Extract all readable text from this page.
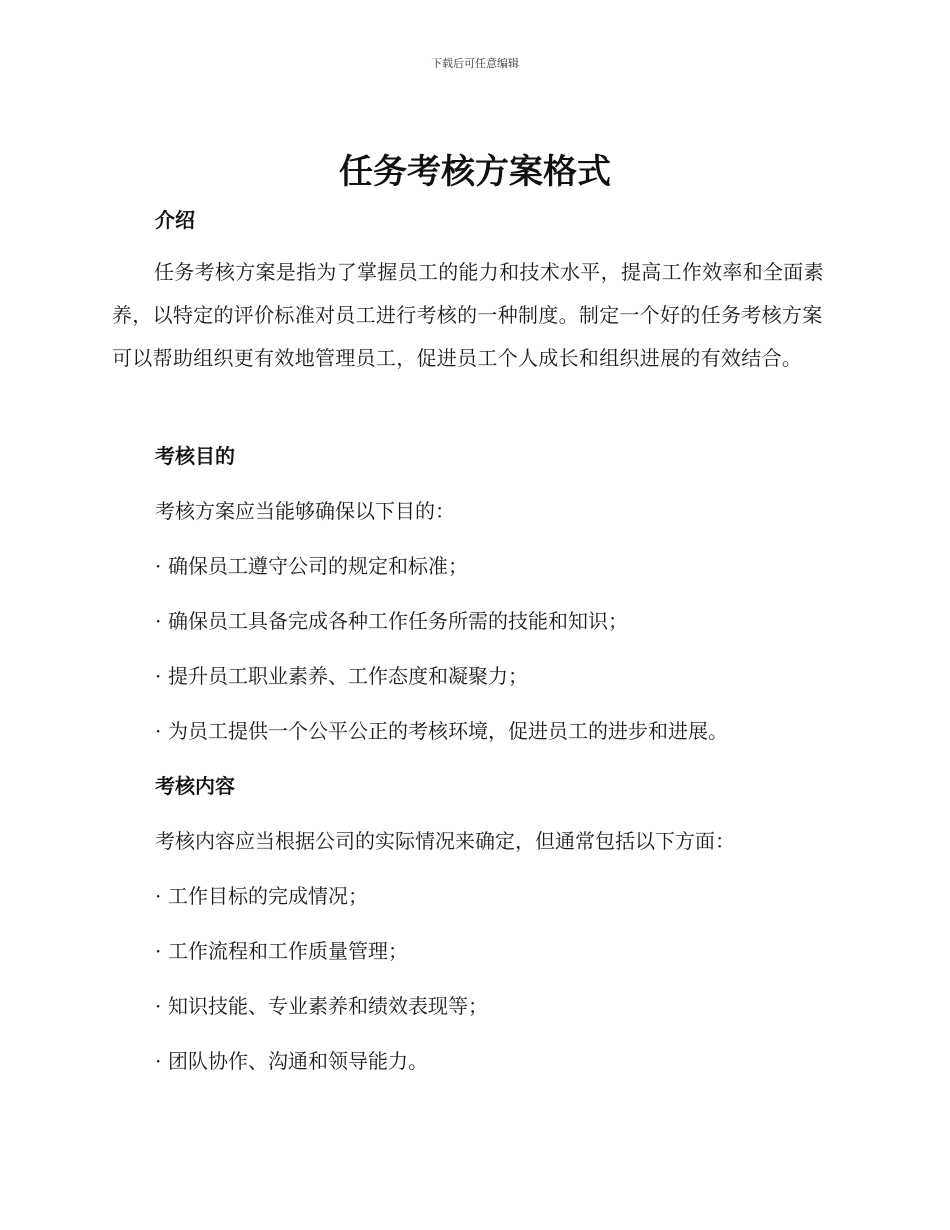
下载后可任意编辑
任务考核方案格式
介绍

任务考核方案是指为了掌握员工的能力和技术水平，提高工作效率和全面素养，以特定的评价标准对员工进行考核的一种制度。制定一个好的任务考核方案可以帮助组织更有效地管理员工，促进员工个人成长和组织进展的有效结合。

考核目的

考核方案应当能够确保以下目的：

· 确保员工遵守公司的规定和标准；

· 确保员工具备完成各种工作任务所需的技能和知识；

· 提升员工职业素养、工作态度和凝聚力；

· 为员工提供一个公平公正的考核环境，促进员工的进步和进展。

考核内容

考核内容应当根据公司的实际情况来确定，但通常包括以下方面：

· 工作目标的完成情况；

· 工作流程和工作质量管理；

· 知识技能、专业素养和绩效表现等；

· 团队协作、沟通和领导能力。
